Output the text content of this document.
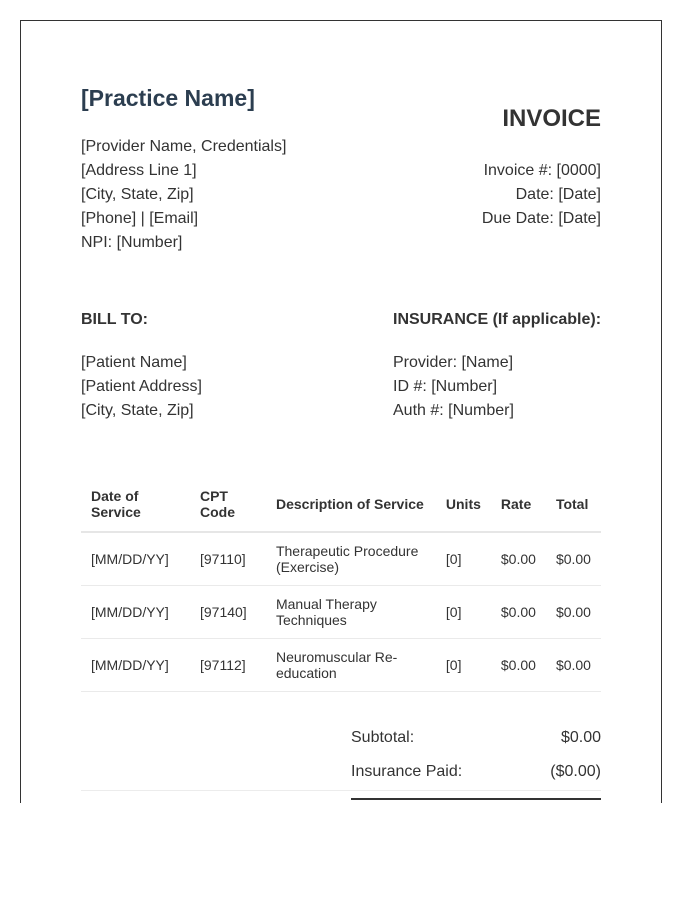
[Practice Name]
[Provider Name, Credentials]
[Address Line 1]
[City, State, Zip]
[Phone] | [Email]
NPI: [Number]
INVOICE
Invoice #: [0000]
Date: [Date]
Due Date: [Date]
BILL TO:
[Patient Name]
[Patient Address]
[City, State, Zip]
INSURANCE (If applicable):
Provider: [Name]
ID #: [Number]
Auth #: [Number]
Date of Service	CPT Code	Description of Service	Units	Rate	Total
[MM/DD/YY]	[97110]	Therapeutic Procedure (Exercise)	[0]	$0.00	$0.00
[MM/DD/YY]	[97140]	Manual Therapy Techniques	[0]	$0.00	$0.00
[MM/DD/YY]	[97112]	Neuromuscular Re-education	[0]	$0.00	$0.00
Subtotal:	$0.00
Insurance Paid:	($0.00)
